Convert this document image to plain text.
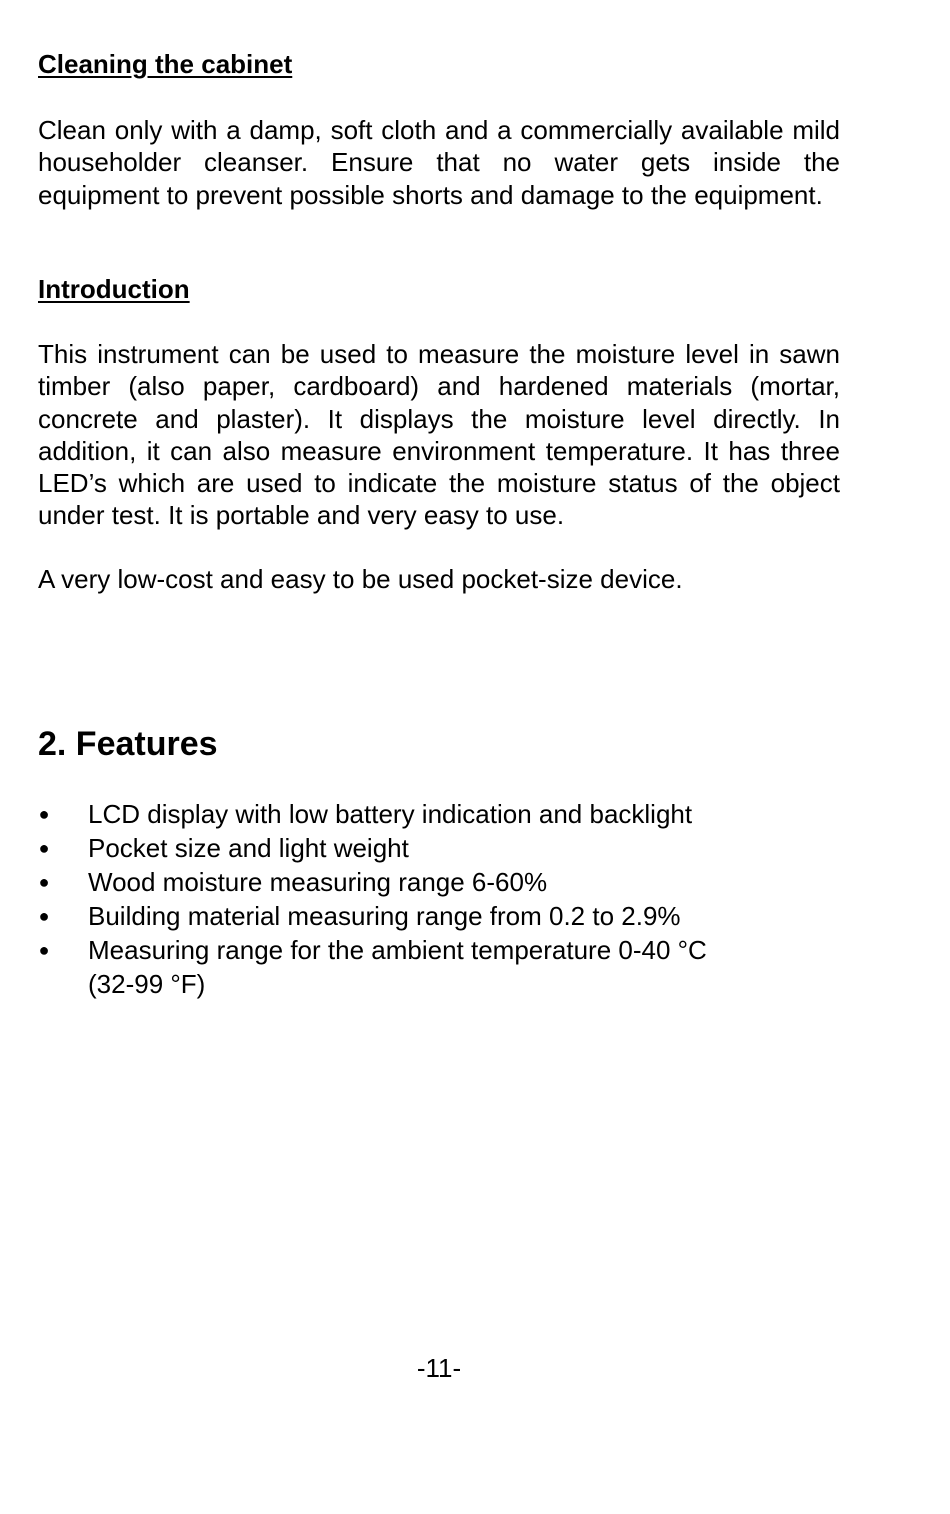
Cleaning the cabinet
Clean only with a damp, soft cloth and a commercially available mild householder cleanser. Ensure that no water gets inside the equipment to prevent possible shorts and damage to the equipment.
Introduction
This instrument can be used to measure the moisture level in sawn timber (also paper, cardboard) and hardened materials (mortar, concrete and plaster). It displays the moisture level directly. In addition, it can also measure environment temperature. It has three LED’s which are used to indicate the moisture status of the object under test. It is portable and very easy to use.
A very low-cost and easy to be used pocket-size device.
2. Features
● LCD display with low battery indication and backlight
● Pocket size and light weight
● Wood moisture measuring range 6-60%
● Building material measuring range from 0.2 to 2.9%
● Measuring range for the ambient temperature 0-40 °C (32-99 °F)
-11-
